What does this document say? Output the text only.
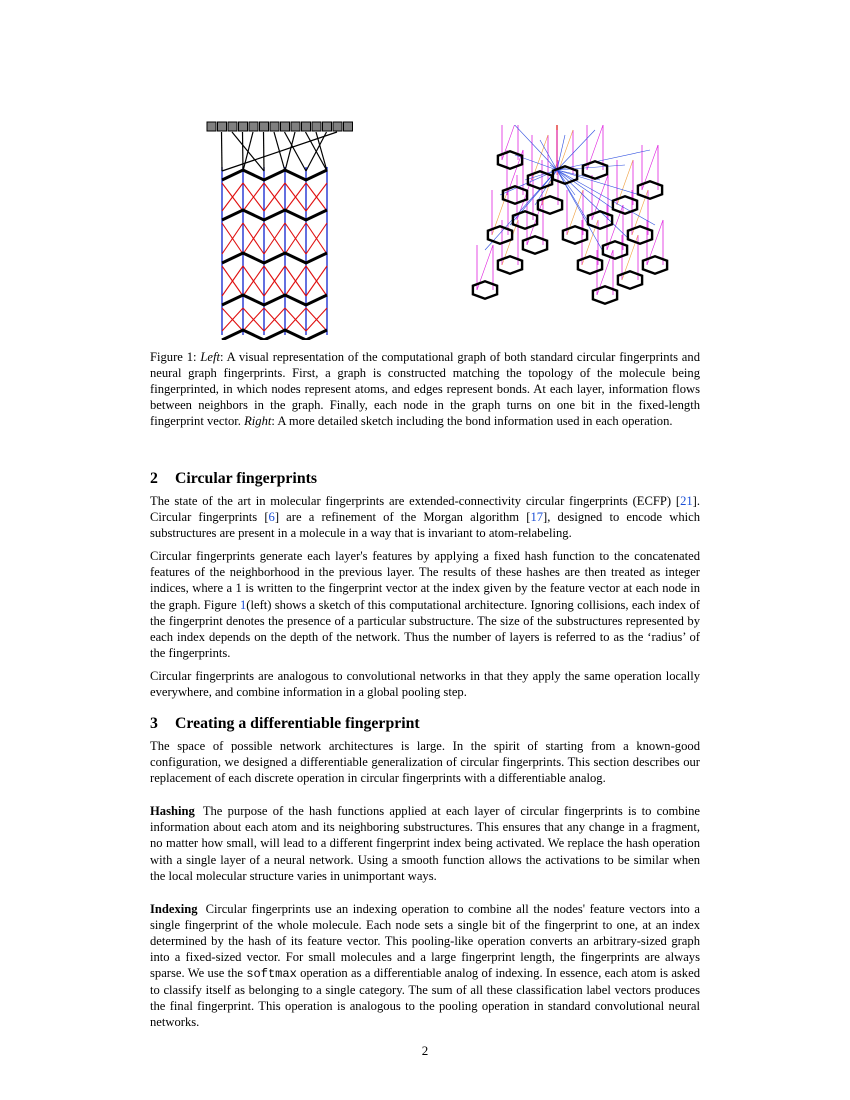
Figure 1: Left: A visual representation of the computational graph of both standard circular fingerprints and neural graph fingerprints. First, a graph is constructed matching the topology of the molecule being fingerprinted, in which nodes represent atoms, and edges represent bonds. At each layer, information flows between neighbors in the graph. Finally, each node in the graph turns on one bit in the fixed-length fingerprint vector. Right: A more detailed sketch including the bond information used in each operation.
2 Circular fingerprints

The state of the art in molecular fingerprints are extended-connectivity circular fingerprints (ECFP) [21]. Circular fingerprints [6] are a refinement of the Morgan algorithm [17], designed to encode which substructures are present in a molecule in a way that is invariant to atom-relabeling.

Circular fingerprints generate each layer's features by applying a fixed hash function to the concatenated features of the neighborhood in the previous layer. The results of these hashes are then treated as integer indices, where a 1 is written to the fingerprint vector at the index given by the feature vector at each node in the graph. Figure 1(left) shows a sketch of this computational architecture. Ignoring collisions, each index of the fingerprint denotes the presence of a particular substructure. The size of the substructures represented by each index depends on the depth of the network. Thus the number of layers is referred to as the ‘radius’ of the fingerprints.

Circular fingerprints are analogous to convolutional networks in that they apply the same operation locally everywhere, and combine information in a global pooling step.

3 Creating a differentiable fingerprint

The space of possible network architectures is large. In the spirit of starting from a known-good configuration, we designed a differentiable generalization of circular fingerprints. This section describes our replacement of each discrete operation in circular fingerprints with a differentiable analog.

Hashing The purpose of the hash functions applied at each layer of circular fingerprints is to combine information about each atom and its neighboring substructures. This ensures that any change in a fragment, no matter how small, will lead to a different fingerprint index being activated. We replace the hash operation with a single layer of a neural network. Using a smooth function allows the activations to be similar when the local molecular structure varies in unimportant ways.

Indexing Circular fingerprints use an indexing operation to combine all the nodes' feature vectors into a single fingerprint of the whole molecule. Each node sets a single bit of the fingerprint to one, at an index determined by the hash of its feature vector. This pooling-like operation converts an arbitrary-sized graph into a fixed-sized vector. For small molecules and a large fingerprint length, the fingerprints are always sparse. We use the softmax operation as a differentiable analog of indexing. In essence, each atom is asked to classify itself as belonging to a single category. The sum of all these classification label vectors produces the final fingerprint. This operation is analogous to the pooling operation in standard convolutional neural networks.

2
